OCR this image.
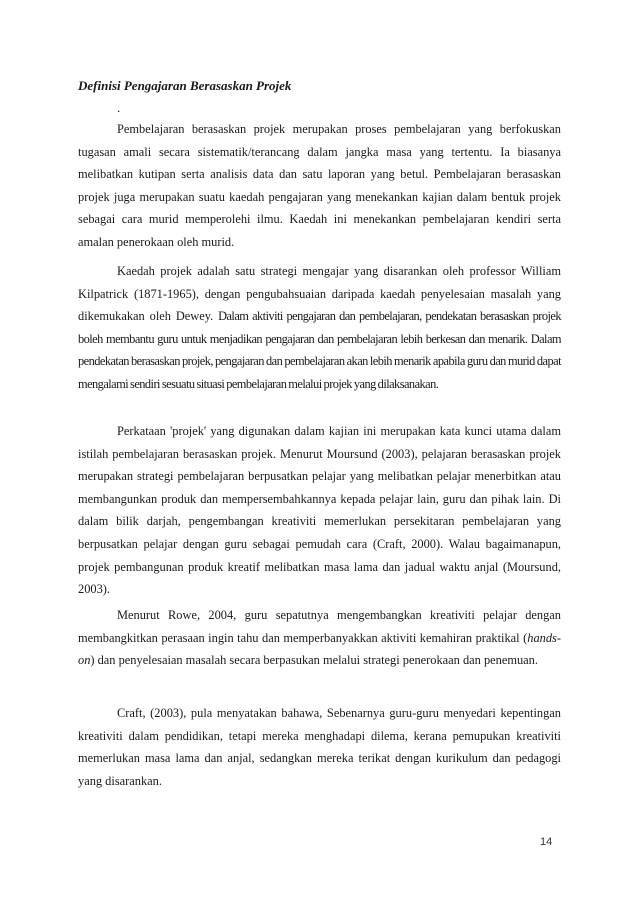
Definisi Pengajaran Berasaskan Projek
.

Pembelajaran berasaskan projek merupakan proses pembelajaran yang berfokuskan tugasan amali secara sistematik/terancang dalam jangka masa yang tertentu. Ia biasanya melibatkan kutipan serta analisis data dan satu laporan yang betul. Pembelajaran berasaskan projek juga merupakan suatu kaedah pengajaran yang menekankan kajian dalam bentuk projek sebagai cara murid memperolehi ilmu. Kaedah ini menekankan pembelajaran kendiri serta amalan penerokaan oleh murid.

Kaedah projek adalah satu strategi mengajar yang disarankan oleh professor William Kilpatrick (1871-1965), dengan pengubahsuaian daripada kaedah penyelesaian masalah yang dikemukakan oleh Dewey. Dalam aktiviti pengajaran dan pembelajaran, pendekatan berasaskan projek boleh membantu guru untuk menjadikan pengajaran dan pembelajaran lebih berkesan dan menarik. Dalam pendekatan berasaskan projek, pengajaran dan pembelajaran akan lebih menarik apabila guru dan murid dapat mengalami sendiri sesuatu situasi pembelajaran melalui projek yang dilaksanakan.

Perkataan 'projek' yang digunakan dalam kajian ini merupakan kata kunci utama dalam istilah pembelajaran berasaskan projek. Menurut Moursund (2003), pelajaran berasaskan projek merupakan strategi pembelajaran berpusatkan pelajar yang melibatkan pelajar menerbitkan atau membangunkan produk dan mempersembahkannya kepada pelajar lain, guru dan pihak lain. Di dalam bilik darjah, pengembangan kreativiti memerlukan persekitaran pembelajaran yang berpusatkan pelajar dengan guru sebagai pemudah cara (Craft, 2000). Walau bagaimanapun, projek pembangunan produk kreatif melibatkan masa lama dan jadual waktu anjal (Moursund, 2003).

Menurut Rowe, 2004, guru sepatutnya mengembangkan kreativiti pelajar dengan membangkitkan perasaan ingin tahu dan memperbanyakkan aktiviti kemahiran praktikal (hands-on) dan penyelesaian masalah secara berpasukan melalui strategi penerokaan dan penemuan.

Craft, (2003), pula menyatakan bahawa, Sebenarnya guru-guru menyedari kepentingan kreativiti dalam pendidikan, tetapi mereka menghadapi dilema, kerana pemupukan kreativiti memerlukan masa lama dan anjal, sedangkan mereka terikat dengan kurikulum dan pedagogi yang disarankan.

14
